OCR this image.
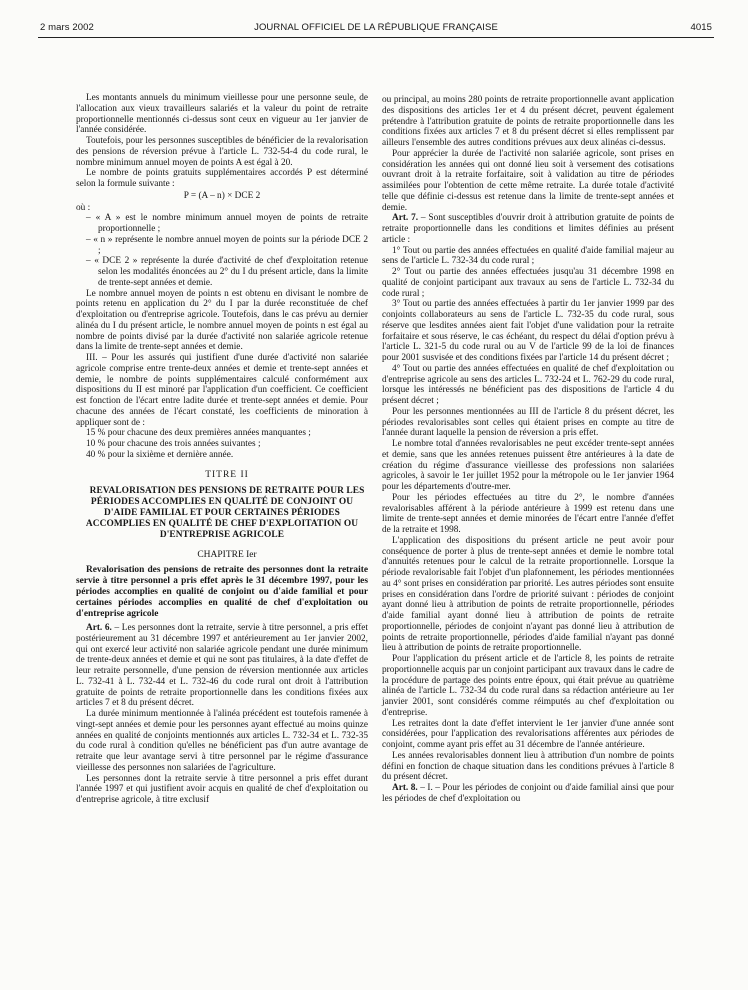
2 mars 2002	JOURNAL OFFICIEL DE LA RÉPUBLIQUE FRANÇAISE	4015

Les montants annuels du minimum vieillesse pour une personne seule, de l'allocation aux vieux travailleurs salariés et la valeur du point de retraite proportionnelle mentionnés ci-dessus sont ceux en vigueur au 1er janvier de l'année considérée.

Toutefois, pour les personnes susceptibles de bénéficier de la revalorisation des pensions de réversion prévue à l'article L. 732-54-4 du code rural, le nombre minimum annuel moyen de points A est égal à 20.

Le nombre de points gratuits supplémentaires accordés P est déterminé selon la formule suivante :

P = (A – n) × DCE 2

où :

– « A » est le nombre minimum annuel moyen de points de retraite proportionnelle ;

– « n » représente le nombre annuel moyen de points sur la période DCE 2 ;

– « DCE 2 » représente la durée d'activité de chef d'exploitation retenue selon les modalités énoncées au 2° du I du présent article, dans la limite de trente-sept années et demie.

Le nombre annuel moyen de points n est obtenu en divisant le nombre de points retenu en application du 2° du I par la durée reconstituée de chef d'exploitation ou d'entreprise agricole. Toutefois, dans le cas prévu au dernier alinéa du I du présent article, le nombre annuel moyen de points n est égal au nombre de points divisé par la durée d'activité non salariée agricole retenue dans la limite de trente-sept années et demie.

III. – Pour les assurés qui justifient d'une durée d'activité non salariée agricole comprise entre trente-deux années et demie et trente-sept années et demie, le nombre de points supplémentaires calculé conformément aux dispositions du II est minoré par l'application d'un coefficient. Ce coefficient est fonction de l'écart entre ladite durée et trente-sept années et demie. Pour chacune des années de l'écart constaté, les coefficients de minoration à appliquer sont de :

15 % pour chacune des deux premières années manquantes ;

10 % pour chacune des trois années suivantes ;

40 % pour la sixième et dernière année.

TITRE II

REVALORISATION DES PENSIONS DE RETRAITE POUR LES PÉRIODES ACCOMPLIES EN QUALITÉ DE CONJOINT OU D'AIDE FAMILIAL ET POUR CERTAINES PÉRIODES ACCOMPLIES EN QUALITÉ DE CHEF D'EXPLOITATION OU D'ENTREPRISE AGRICOLE

CHAPITRE Ier

Revalorisation des pensions de retraite des personnes dont la retraite servie à titre personnel a pris effet après le 31 décembre 1997, pour les périodes accomplies en qualité de conjoint ou d'aide familial et pour certaines périodes accomplies en qualité de chef d'exploitation ou d'entreprise agricole

Art. 6. – Les personnes dont la retraite, servie à titre personnel, a pris effet postérieurement au 31 décembre 1997 et antérieurement au 1er janvier 2002, qui ont exercé leur activité non salariée agricole pendant une durée minimum de trente-deux années et demie et qui ne sont pas titulaires, à la date d'effet de leur retraite personnelle, d'une pension de réversion mentionnée aux articles L. 732-41 à L. 732-44 et L. 732-46 du code rural ont droit à l'attribution gratuite de points de retraite proportionnelle dans les conditions fixées aux articles 7 et 8 du présent décret.

La durée minimum mentionnée à l'alinéa précédent est toutefois ramenée à vingt-sept années et demie pour les personnes ayant effectué au moins quinze années en qualité de conjoints mentionnés aux articles L. 732-34 et L. 732-35 du code rural à condition qu'elles ne bénéficient pas d'un autre avantage de retraite que leur avantage servi à titre personnel par le régime d'assurance vieillesse des personnes non salariées de l'agriculture.

Les personnes dont la retraite servie à titre personnel a pris effet durant l'année 1997 et qui justifient avoir acquis en qualité de chef d'exploitation ou d'entreprise agricole, à titre exclusif

ou principal, au moins 280 points de retraite proportionnelle avant application des dispositions des articles 1er et 4 du présent décret, peuvent également prétendre à l'attribution gratuite de points de retraite proportionnelle dans les conditions fixées aux articles 7 et 8 du présent décret si elles remplissent par ailleurs l'ensemble des autres conditions prévues aux deux alinéas ci-dessus.

Pour apprécier la durée de l'activité non salariée agricole, sont prises en considération les années qui ont donné lieu soit à versement des cotisations ouvrant droit à la retraite forfaitaire, soit à validation au titre de périodes assimilées pour l'obtention de cette même retraite. La durée totale d'activité telle que définie ci-dessus est retenue dans la limite de trente-sept années et demie.

Art. 7. – Sont susceptibles d'ouvrir droit à attribution gratuite de points de retraite proportionnelle dans les conditions et limites définies au présent article :

1° Tout ou partie des années effectuées en qualité d'aide familial majeur au sens de l'article L. 732-34 du code rural ;

2° Tout ou partie des années effectuées jusqu'au 31 décembre 1998 en qualité de conjoint participant aux travaux au sens de l'article L. 732-34 du code rural ;

3° Tout ou partie des années effectuées à partir du 1er janvier 1999 par des conjoints collaborateurs au sens de l'article L. 732-35 du code rural, sous réserve que lesdites années aient fait l'objet d'une validation pour la retraite forfaitaire et sous réserve, le cas échéant, du respect du délai d'option prévu à l'article L. 321-5 du code rural ou au V de l'article 99 de la loi de finances pour 2001 susvisée et des conditions fixées par l'article 14 du présent décret ;

4° Tout ou partie des années effectuées en qualité de chef d'exploitation ou d'entreprise agricole au sens des articles L. 732-24 et L. 762-29 du code rural, lorsque les intéressés ne bénéficient pas des dispositions de l'article 4 du présent décret ;

Pour les personnes mentionnées au III de l'article 8 du présent décret, les périodes revalorisables sont celles qui étaient prises en compte au titre de l'année durant laquelle la pension de réversion a pris effet.

Le nombre total d'années revalorisables ne peut excéder trente-sept années et demie, sans que les années retenues puissent être antérieures à la date de création du régime d'assurance vieillesse des professions non salariées agricoles, à savoir le 1er juillet 1952 pour la métropole ou le 1er janvier 1964 pour les départements d'outre-mer.

Pour les périodes effectuées au titre du 2°, le nombre d'années revalorisables afférent à la période antérieure à 1999 est retenu dans une limite de trente-sept années et demie minorées de l'écart entre l'année d'effet de la retraite et 1998.

L'application des dispositions du présent article ne peut avoir pour conséquence de porter à plus de trente-sept années et demie le nombre total d'annuités retenues pour le calcul de la retraite proportionnelle. Lorsque la période revalorisable fait l'objet d'un plafonnement, les périodes mentionnées au 4° sont prises en considération par priorité. Les autres périodes sont ensuite prises en considération dans l'ordre de priorité suivant : périodes de conjoint ayant donné lieu à attribution de points de retraite proportionnelle, périodes d'aide familial ayant donné lieu à attribution de points de retraite proportionnelle, périodes de conjoint n'ayant pas donné lieu à attribution de points de retraite proportionnelle, périodes d'aide familial n'ayant pas donné lieu à attribution de points de retraite proportionnelle.

Pour l'application du présent article et de l'article 8, les points de retraite proportionnelle acquis par un conjoint participant aux travaux dans le cadre de la procédure de partage des points entre époux, qui était prévue au quatrième alinéa de l'article L. 732-34 du code rural dans sa rédaction antérieure au 1er janvier 2001, sont considérés comme réimputés au chef d'exploitation ou d'entreprise.

Les retraites dont la date d'effet intervient le 1er janvier d'une année sont considérées, pour l'application des revalorisations afférentes aux périodes de conjoint, comme ayant pris effet au 31 décembre de l'année antérieure.

Les années revalorisables donnent lieu à attribution d'un nombre de points défini en fonction de chaque situation dans les conditions prévues à l'article 8 du présent décret.

Art. 8. – I. – Pour les périodes de conjoint ou d'aide familial ainsi que pour les périodes de chef d'exploitation ou
